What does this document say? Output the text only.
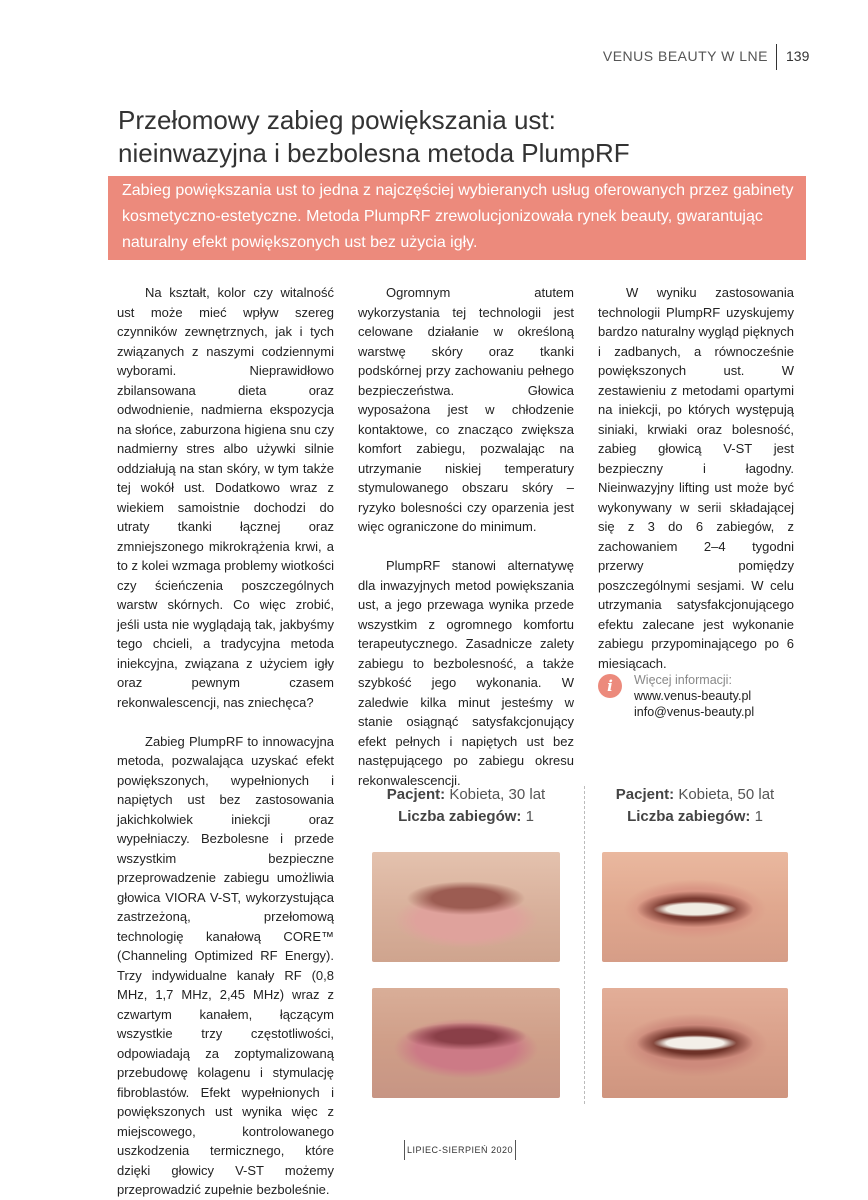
VENUS BEAUTY W LNE 139
Przełomowy zabieg powiększania ust:
nieinwazyjna i bezbolesna metoda PlumpRF
Zabieg powiększania ust to jedna z najczęściej wybieranych usług oferowanych przez gabinety kosmetyczno-estetyczne. Metoda PlumpRF zrewolucjonizowała rynek beauty, gwarantując naturalny efekt powiększonych ust bez użycia igły.

Na kształt, kolor czy witalność ust może mieć wpływ szereg czynników zewnętrznych, jak i tych związanych z naszymi codziennymi wyborami. Nieprawidłowo zbilansowana dieta oraz odwodnienie, nadmierna ekspozycja na słońce, zaburzona higiena snu czy nadmierny stres albo używki silnie oddziałują na stan skóry, w tym także tej wokół ust. Dodatkowo wraz z wiekiem samoistnie dochodzi do utraty tkanki łącznej oraz zmniejszonego mikrokrążenia krwi, a to z kolei wzmaga problemy wiotkości czy ścieńczenia poszczególnych warstw skórnych. Co więc zrobić, jeśli usta nie wyglądają tak, jakbyśmy tego chcieli, a tradycyjna metoda iniekcyjna, związana z użyciem igły oraz pewnym czasem rekonwalescencji, nas zniechęca?

Zabieg PlumpRF to innowacyjna metoda, pozwalająca uzyskać efekt powiększonych, wypełnionych i napiętych ust bez zastosowania jakichkolwiek iniekcji oraz wypełniaczy. Bezbolesne i przede wszystkim bezpieczne przeprowadzenie zabiegu umożliwia głowica VIORA V-ST, wykorzystująca zastrzeżoną, przełomową technologię kanałową CORE™ (Channeling Optimized RF Energy). Trzy indywidualne kanały RF (0,8 MHz, 1,7 MHz, 2,45 MHz) wraz z czwartym kanałem, łączącym wszystkie trzy częstotliwości, odpowiadają za zoptymalizowaną przebudowę kolagenu i stymulację fibroblastów. Efekt wypełnionych i powiększonych ust wynika więc z miejscowego, kontrolowanego uszkodzenia termicznego, które dzięki głowicy V-ST możemy przeprowadzić zupełnie bezboleśnie.

Ogromnym atutem wykorzystania tej technologii jest celowane działanie w określoną warstwę skóry oraz tkanki podskórnej przy zachowaniu pełnego bezpieczeństwa. Głowica wyposażona jest w chłodzenie kontaktowe, co znacząco zwiększa komfort zabiegu, pozwalając na utrzymanie niskiej temperatury stymulowanego obszaru skóry – ryzyko bolesności czy oparzenia jest więc ograniczone do minimum.

PlumpRF stanowi alternatywę dla inwazyjnych metod powiększania ust, a jego przewaga wynika przede wszystkim z ogromnego komfortu terapeutycznego. Zasadnicze zalety zabiegu to bezbolesność, a także szybkość jego wykonania. W zaledwie kilka minut jesteśmy w stanie osiągnąć satysfakcjonujący efekt pełnych i napiętych ust bez następującego po zabiegu okresu rekonwalescencji.

W wyniku zastosowania technologii PlumpRF uzyskujemy bardzo naturalny wygląd pięknych i zadbanych, a równocześnie powiększonych ust. W zestawieniu z metodami opartymi na iniekcji, po których występują siniaki, krwiaki oraz bolesność, zabieg głowicą V-ST jest bezpieczny i łagodny. Nieinwazyjny lifting ust może być wykonywany w serii składającej się z 3 do 6 zabiegów, z zachowaniem 2–4 tygodni przerwy pomiędzy poszczególnymi sesjami. W celu utrzymania satysfakcjonującego efektu zalecane jest wykonanie zabiegu przypominającego po 6 miesiącach.

i	Więcej informacji:
www.venus-beauty.pl
info@venus-beauty.pl
Pacjent: Kobieta, 30 lat
Liczba zabiegów: 1
Pacjent: Kobieta, 50 lat
Liczba zabiegów: 1
LIPIEC-SIERPIEŃ 2020
